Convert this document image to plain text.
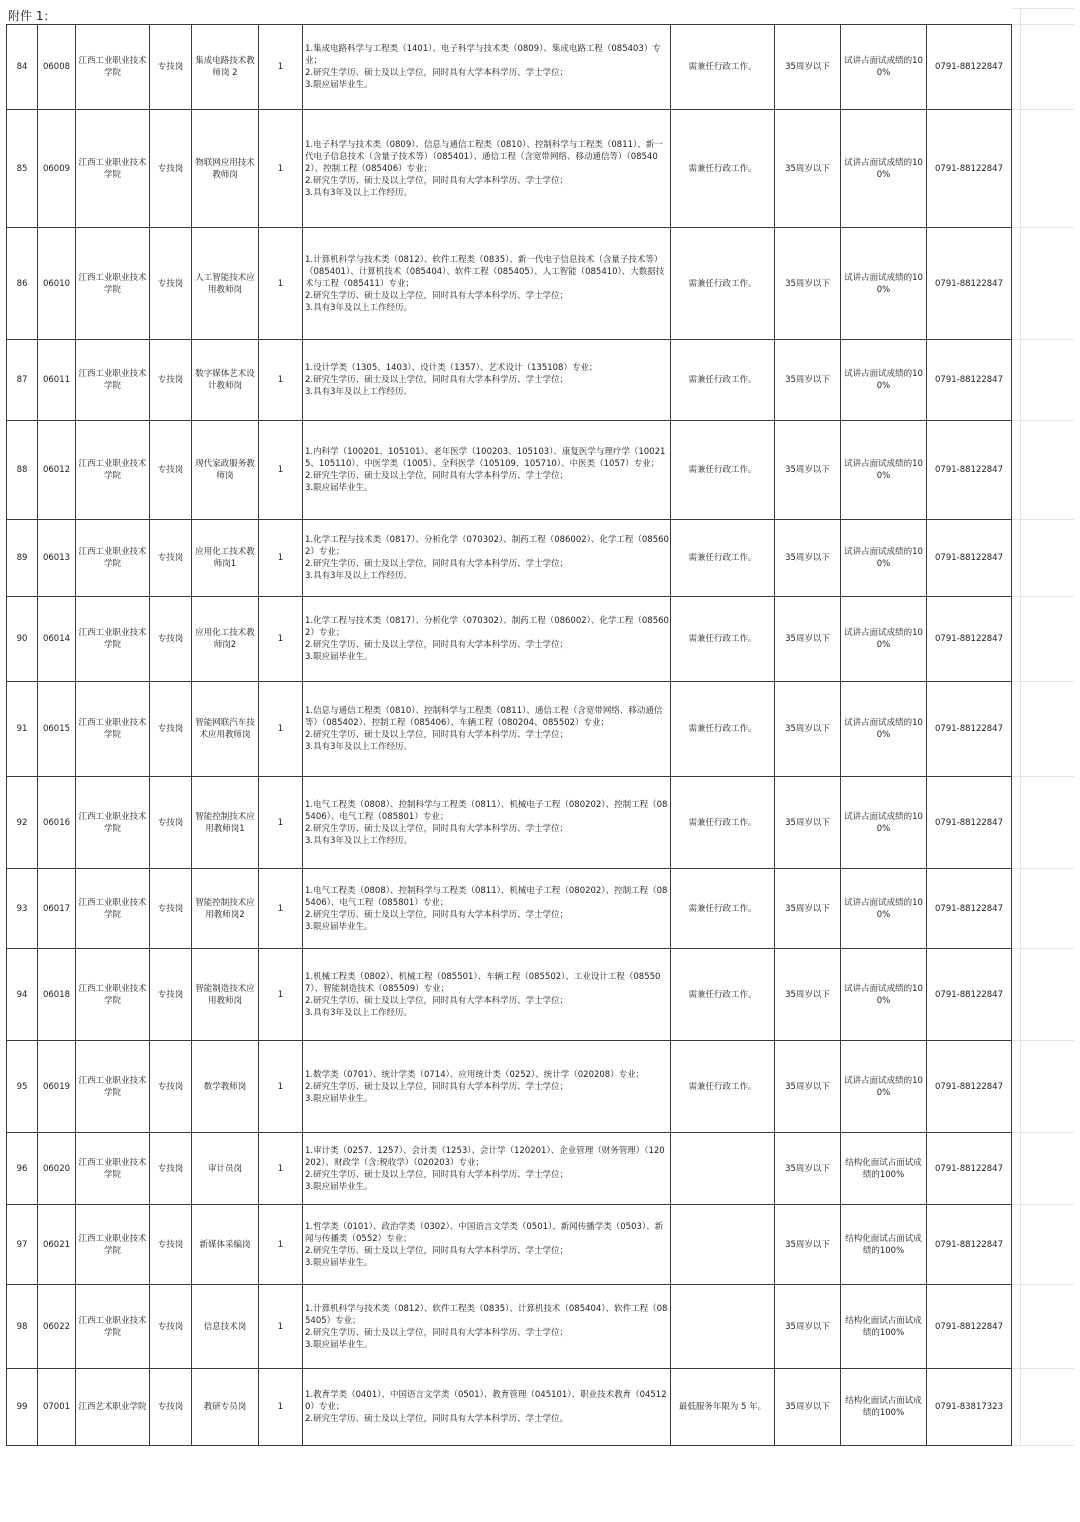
附件 1：
84	06008	江西工业职业技术学院	专技岗	集成电路技术教师岗 2	1	1.集成电路科学与工程类（1401）、电子科学与技术类（0809）、集成电路工程（085403）专业；
2.研究生学历、硕士及以上学位，同时具有大学本科学历、学士学位；
3.限应届毕业生。	需兼任行政工作。	35周岁以下	试讲占面试成绩的100%	0791-88122847
85	06009	江西工业职业技术学院	专技岗	物联网应用技术教师岗	1	1.电子科学与技术类（0809）、信息与通信工程类（0810）、控制科学与工程类（0811）、新一代电子信息技术（含量子技术等）（085401）、通信工程（含宽带网络、移动通信等）（085402）、控制工程（085406）专业；
2.研究生学历、硕士及以上学位，同时具有大学本科学历、学士学位；
3.具有3年及以上工作经历。	需兼任行政工作。	35周岁以下	试讲占面试成绩的100%	0791-88122847
86	06010	江西工业职业技术学院	专技岗	人工智能技术应用教师岗	1	1.计算机科学与技术类（0812）、软件工程类（0835）、新一代电子信息技术（含量子技术等）（085401）、计算机技术（085404）、软件工程（085405）、人工智能（085410）、大数据技术与工程（085411）专业；
2.研究生学历、硕士及以上学位，同时具有大学本科学历、学士学位；
3.具有3年及以上工作经历。	需兼任行政工作。	35周岁以下	试讲占面试成绩的100%	0791-88122847
87	06011	江西工业职业技术学院	专技岗	数字媒体艺术设计教师岗	1	1.设计学类（1305、1403）、设计类（1357）、艺术设计（135108）专业；
2.研究生学历、硕士及以上学位，同时具有大学本科学历、学士学位；
3.具有3年及以上工作经历。	需兼任行政工作。	35周岁以下	试讲占面试成绩的100%	0791-88122847
88	06012	江西工业职业技术学院	专技岗	现代家政服务教师岗	1	1.内科学（100201、105101）、老年医学（100203、105103）、康复医学与理疗学（100215、105110）、中医学类（1005）、全科医学（105109、105710）、中医类（1057）专业；
2.研究生学历、硕士及以上学位，同时具有大学本科学历、学士学位；
3.限应届毕业生。	需兼任行政工作。	35周岁以下	试讲占面试成绩的100%	0791-88122847
89	06013	江西工业职业技术学院	专技岗	应用化工技术教师岗1	1	1.化学工程与技术类（0817）、分析化学（070302）、制药工程（086002）、化学工程（085602）专业；
2.研究生学历、硕士及以上学位，同时具有大学本科学历、学士学位；
3.具有3年及以上工作经历。	需兼任行政工作。	35周岁以下	试讲占面试成绩的100%	0791-88122847
90	06014	江西工业职业技术学院	专技岗	应用化工技术教师岗2	1	1.化学工程与技术类（0817）、分析化学（070302）、制药工程（086002）、化学工程（085602）专业；
2.研究生学历、硕士及以上学位，同时具有大学本科学历、学士学位；
3.限应届毕业生。	需兼任行政工作。	35周岁以下	试讲占面试成绩的100%	0791-88122847
91	06015	江西工业职业技术学院	专技岗	智能网联汽车技术应用教师岗	1	1.信息与通信工程类（0810）、控制科学与工程类（0811）、通信工程（含宽带网络、移动通信等）（085402）、控制工程（085406）、车辆工程（080204、085502）专业；
2.研究生学历、硕士及以上学位，同时具有大学本科学历、学士学位；
3.具有3年及以上工作经历。	需兼任行政工作。	35周岁以下	试讲占面试成绩的100%	0791-88122847
92	06016	江西工业职业技术学院	专技岗	智能控制技术应用教师岗1	1	1.电气工程类（0808）、控制科学与工程类（0811）、机械电子工程（080202）、控制工程（085406）、电气工程（085801）专业；
2.研究生学历、硕士及以上学位，同时具有大学本科学历、学士学位；
3.具有3年及以上工作经历。	需兼任行政工作。	35周岁以下	试讲占面试成绩的100%	0791-88122847
93	06017	江西工业职业技术学院	专技岗	智能控制技术应用教师岗2	1	1.电气工程类（0808）、控制科学与工程类（0811）、机械电子工程（080202）、控制工程（085406）、电气工程（085801）专业；
2.研究生学历、硕士及以上学位，同时具有大学本科学历、学士学位；
3.限应届毕业生。	需兼任行政工作。	35周岁以下	试讲占面试成绩的100%	0791-88122847
94	06018	江西工业职业技术学院	专技岗	智能制造技术应用教师岗	1	1.机械工程类（0802）、机械工程（085501）、车辆工程（085502）、工业设计工程（085507）、智能制造技术（085509）专业；
2.研究生学历、硕士及以上学位，同时具有大学本科学历、学士学位；
3.具有3年及以上工作经历。	需兼任行政工作。	35周岁以下	试讲占面试成绩的100%	0791-88122847
95	06019	江西工业职业技术学院	专技岗	数学教师岗	1	1.数学类（0701）、统计学类（0714）、应用统计类（0252）、统计学（020208）专业；
2.研究生学历、硕士及以上学位，同时具有大学本科学历、学士学位；
3.限应届毕业生。	需兼任行政工作。	35周岁以下	试讲占面试成绩的100%	0791-88122847
96	06020	江西工业职业技术学院	专技岗	审计员岗	1	1.审计类（0257、1257）、会计类（1253）、会计学（120201）、企业管理（财务管理）（120202）、财政学（含:税收学）（020203）专业；
2.研究生学历、硕士及以上学位，同时具有大学本科学历、学士学位；
3.限应届毕业生。		35周岁以下	结构化面试占面试成绩的100%	0791-88122847
97	06021	江西工业职业技术学院	专技岗	新媒体采编岗	1	1.哲学类（0101）、政治学类（0302）、中国语言文学类（0501）、新闻传播学类（0503）、新闻与传播类（0552）专业；
2.研究生学历、硕士及以上学位，同时具有大学本科学历、学士学位；
3.限应届毕业生。		35周岁以下	结构化面试占面试成绩的100%	0791-88122847
98	06022	江西工业职业技术学院	专技岗	信息技术岗	1	1.计算机科学与技术类（0812）、软件工程类（0835）、计算机技术（085404）、软件工程（085405）专业；
2.研究生学历、硕士及以上学位，同时具有大学本科学历、学士学位；
3.限应届毕业生。		35周岁以下	结构化面试占面试成绩的100%	0791-88122847
99	07001	江西艺术职业学院	专技岗	教研专员岗	1	1.教育学类（0401）、中国语言文学类（0501）、教育管理（045101）、职业技术教育（045120）专业；
2.研究生学历、硕士及以上学位，同时具有大学本科学历、学士学位。	最低服务年限为 5 年。	35周岁以下	结构化面试占面试成绩的100%	0791-83817323
